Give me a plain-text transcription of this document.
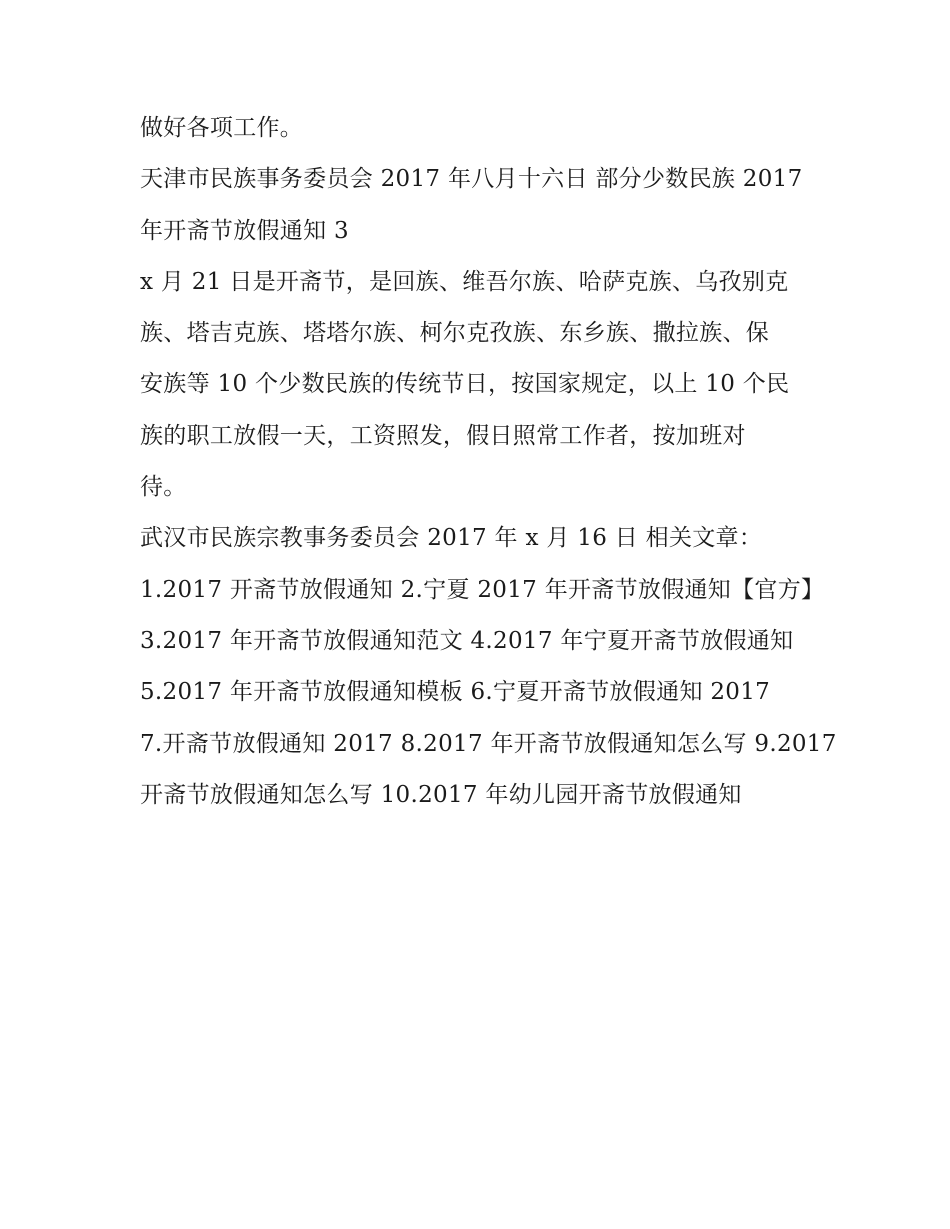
做好各项工作。
天津市民族事务委员会 2017 年八月十六日 部分少数民族 2017
年开斋节放假通知 3
x 月 21 日是开斋节，是回族、维吾尔族、哈萨克族、乌孜别克
族、塔吉克族、塔塔尔族、柯尔克孜族、东乡族、撒拉族、保
安族等 10 个少数民族的传统节日，按国家规定，以上 10 个民
族的职工放假一天，工资照发，假日照常工作者，按加班对
待。
武汉市民族宗教事务委员会 2017 年 x 月 16 日 相关文章：
1.2017 开斋节放假通知 2.宁夏 2017 年开斋节放假通知【官方】
3.2017 年开斋节放假通知范文 4.2017 年宁夏开斋节放假通知
5.2017 年开斋节放假通知模板 6.宁夏开斋节放假通知 2017
7.开斋节放假通知 2017 8.2017 年开斋节放假通知怎么写 9.2017
开斋节放假通知怎么写 10.2017 年幼儿园开斋节放假通知
